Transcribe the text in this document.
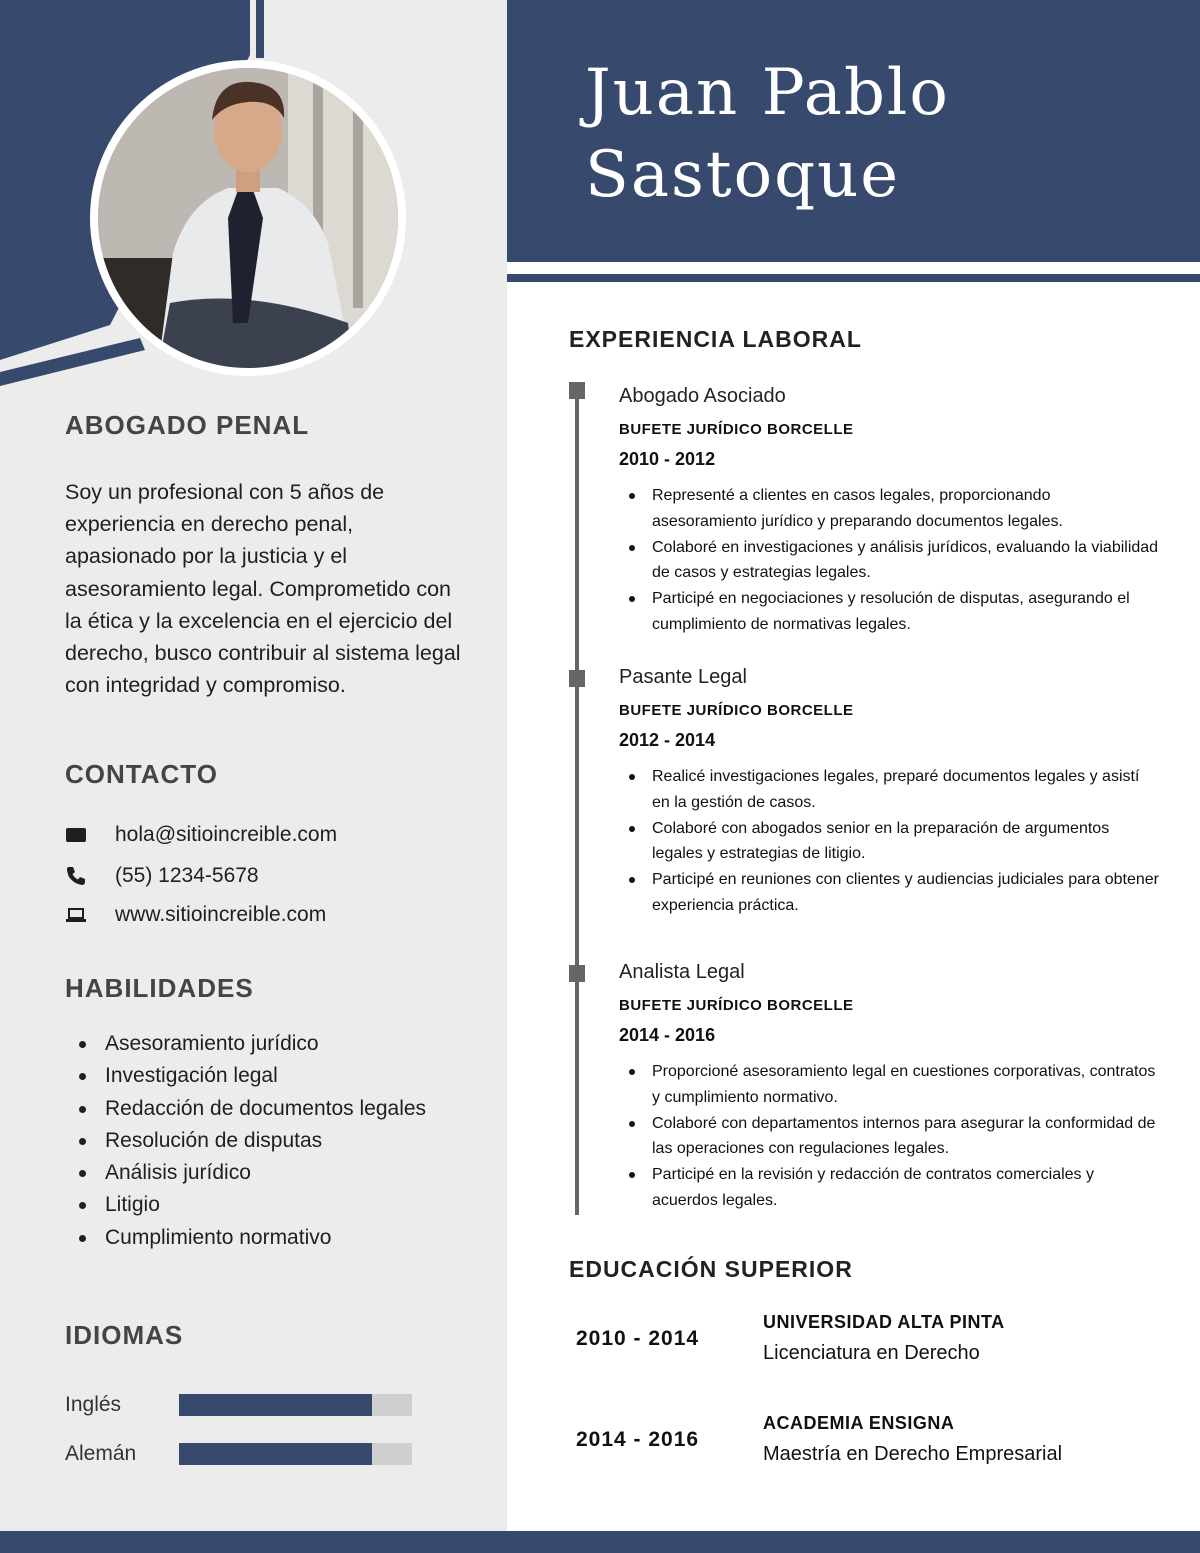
Juan Pablo
Sastoque
ABOGADO PENAL
Soy un profesional con 5 años de experiencia en derecho penal, apasionado por la justicia y el asesoramiento legal. Comprometido con la ética y la excelencia en el ejercicio del derecho, busco contribuir al sistema legal con integridad y compromiso.
CONTACTO
hola@sitioincreible.com
(55) 1234-5678
www.sitioincreible.com
HABILIDADES
Asesoramiento jurídico
Investigación legal
Redacción de documentos legales
Resolución de disputas
Análisis jurídico
Litigio
Cumplimiento normativo
IDIOMAS
Inglés
Alemán
EXPERIENCIA LABORAL
Abogado Asociado
BUFETE JURÍDICO BORCELLE
2010 - 2012
Representé a clientes en casos legales, proporcionando asesoramiento jurídico y preparando documentos legales.
Colaboré en investigaciones y análisis jurídicos, evaluando la viabilidad de casos y estrategias legales.
Participé en negociaciones y resolución de disputas, asegurando el cumplimiento de normativas legales.
Pasante Legal
BUFETE JURÍDICO BORCELLE
2012 - 2014
Realicé investigaciones legales, preparé documentos legales y asistí en la gestión de casos.
Colaboré con abogados senior en la preparación de argumentos legales y estrategias de litigio.
Participé en reuniones con clientes y audiencias judiciales para obtener experiencia práctica.
Analista Legal
BUFETE JURÍDICO BORCELLE
2014 - 2016
Proporcioné asesoramiento legal en cuestiones corporativas, contratos y cumplimiento normativo.
Colaboré con departamentos internos para asegurar la conformidad de las operaciones con regulaciones legales.
Participé en la revisión y redacción de contratos comerciales y acuerdos legales.
EDUCACIÓN SUPERIOR
2010 - 2014
UNIVERSIDAD ALTA PINTA
Licenciatura en Derecho
2014 - 2016
ACADEMIA ENSIGNA
Maestría en Derecho Empresarial
